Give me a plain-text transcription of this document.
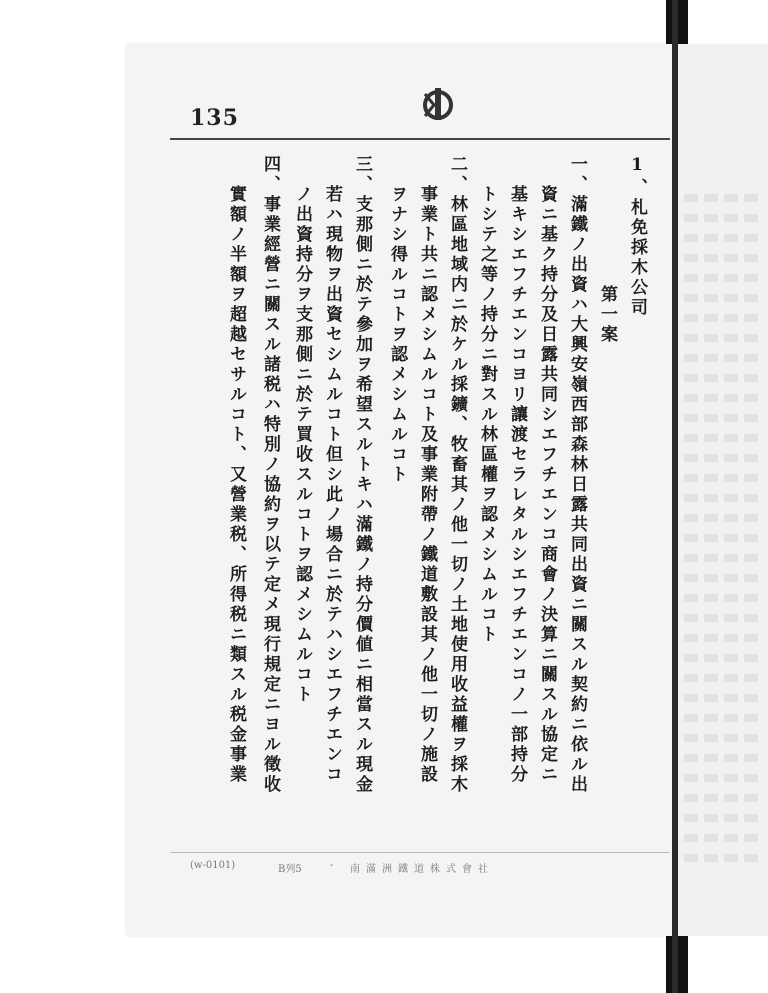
135
1、札免採木公司
第一案
一、滿鐵ノ出資ハ大興安嶺西部森林日露共同出資ニ關スル契約ニ依ル出
資ニ基ク持分及日露共同シエフチエンコ商會ノ決算ニ關スル協定ニ
基キシエフチエンコヨリ讓渡セラレタルシエフチエンコノ一部持分
トシテ之等ノ持分ニ對スル林區權ヲ認メシムルコト
二、林區地域内ニ於ケル採鑛、牧畜其ノ他一切ノ土地使用收益權ヲ採木
事業ト共ニ認メシムルコト及事業附帶ノ鐵道敷設其ノ他一切ノ施設
ヲナシ得ルコトヲ認メシムルコト
三、支那側ニ於テ參加ヲ希望スルトキハ滿鐵ノ持分價値ニ相當スル現金
若ハ現物ヲ出資セシムルコト但シ此ノ場合ニ於テハシエフチエンコ
ノ出資持分ヲ支那側ニ於テ買收スルコトヲ認メシムルコト
四、事業經營ニ關スル諸税ハ特別ノ協約ヲ以テ定メ現行規定ニヨル徵收
實額ノ半額ヲ超越セサルコト、又營業税、所得税ニ類スル税金事業
(w-0101)	B列5	- 南滿洲鐵道株式會社
